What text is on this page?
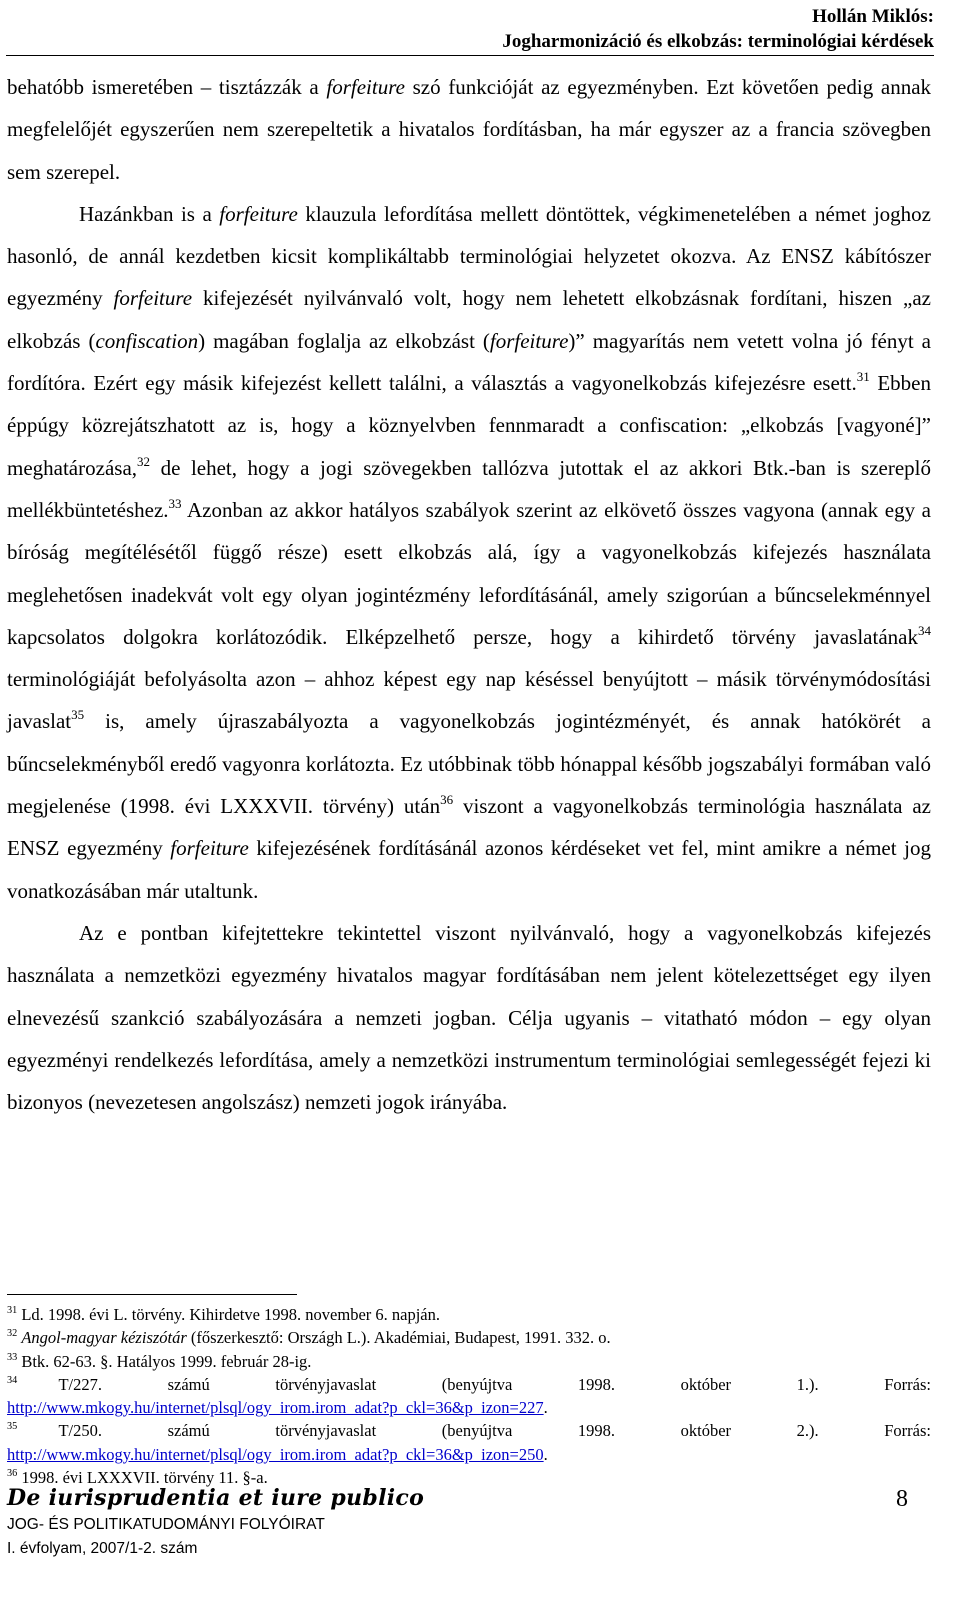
Hollán Miklós:
Jogharmonizáció és elkobzás: terminológiai kérdések

behatóbb ismeretében – tisztázzák a forfeiture szó funkcióját az egyezményben. Ezt követően pedig annak megfelelőjét egyszerűen nem szerepeltetik a hivatalos fordításban, ha már egyszer az a francia szövegben sem szerepel.

Hazánkban is a forfeiture klauzula lefordítása mellett döntöttek, végkimenetelében a német joghoz hasonló, de annál kezdetben kicsit komplikáltabb terminológiai helyzetet okozva. Az ENSZ kábítószer egyezmény forfeiture kifejezését nyilvánvaló volt, hogy nem lehetett elkobzásnak fordítani, hiszen „az elkobzás (confiscation) magában foglalja az elkobzást (forfeiture)” magyarítás nem vetett volna jó fényt a fordítóra. Ezért egy másik kifejezést kellett találni, a választás a vagyonelkobzás kifejezésre esett.$^{31}$ Ebben éppúgy közrejátszhatott az is, hogy a köznyelvben fennmaradt a confiscation: „elkobzás [vagyoné]” meghatározása,$^{32}$ de lehet, hogy a jogi szövegekben tallózva jutottak el az akkori Btk.-ban is szereplő mellékbüntetéshez.$^{33}$ Azonban az akkor hatályos szabályok szerint az elkövető összes vagyona (annak egy a bíróság megítélésétől függő része) esett elkobzás alá, így a vagyonelkobzás kifejezés használata meglehetősen inadekvát volt egy olyan jogintézmény lefordításánál, amely szigorúan a bűncselekménnyel kapcsolatos dolgokra korlátozódik. Elképzelhető persze, hogy a kihirdető törvény javaslatának$^{34}$ terminológiáját befolyásolta azon – ahhoz képest egy nap késéssel benyújtott – másik törvénymódosítási javaslat$^{35}$ is, amely újraszabályozta a vagyonelkobzás jogintézményét, és annak hatókörét a bűncselekményből eredő vagyonra korlátozta. Ez utóbbinak több hónappal később jogszabályi formában való megjelenése (1998. évi LXXXVII. törvény) után$^{36}$ viszont a vagyonelkobzás terminológia használata az ENSZ egyezmény forfeiture kifejezésének fordításánál azonos kérdéseket vet fel, mint amikre a német jog vonatkozásában már utaltunk.

Az e pontban kifejtettekre tekintettel viszont nyilvánvaló, hogy a vagyonelkobzás kifejezés használata a nemzetközi egyezmény hivatalos magyar fordításában nem jelent kötelezettséget egy ilyen elnevezésű szankció szabályozására a nemzeti jogban. Célja ugyanis – vitatható módon – egy olyan egyezményi rendelkezés lefordítása, amely a nemzetközi instrumentum terminológiai semlegességét fejezi ki bizonyos (nevezetesen angolszász) nemzeti jogok irányába.

$^{31}$ Ld. 1998. évi L. törvény. Kihirdetve 1998. november 6. napján.

$^{32}$ Angol-magyar kéziszótár (főszerkesztő: Országh L.). Akadémiai, Budapest, 1991. 332. o.

$^{33}$ Btk. 62-63. §. Hatályos 1999. február 28-ig.

$^{34}$   	T/227. számú törvényjavaslat (benyújtva 1998. október 1.). Forrás:

http://www.mkogy.hu/internet/plsql/ogy_irom.irom_adat?p_ckl=36&p_izon=227.

$^{35}$   	T/250. számú törvényjavaslat (benyújtva 1998. október 2.). Forrás:

http://www.mkogy.hu/internet/plsql/ogy_irom.irom_adat?p_ckl=36&p_izon=250.

$^{36}$ 1998. évi LXXXVII. törvény 11. §-a.

De iurisprudentia et iure publico
JOG- ÉS POLITIKATUDOMÁNYI FOLYÓIRAT
I. évfolyam, 2007/1-2. szám
8
